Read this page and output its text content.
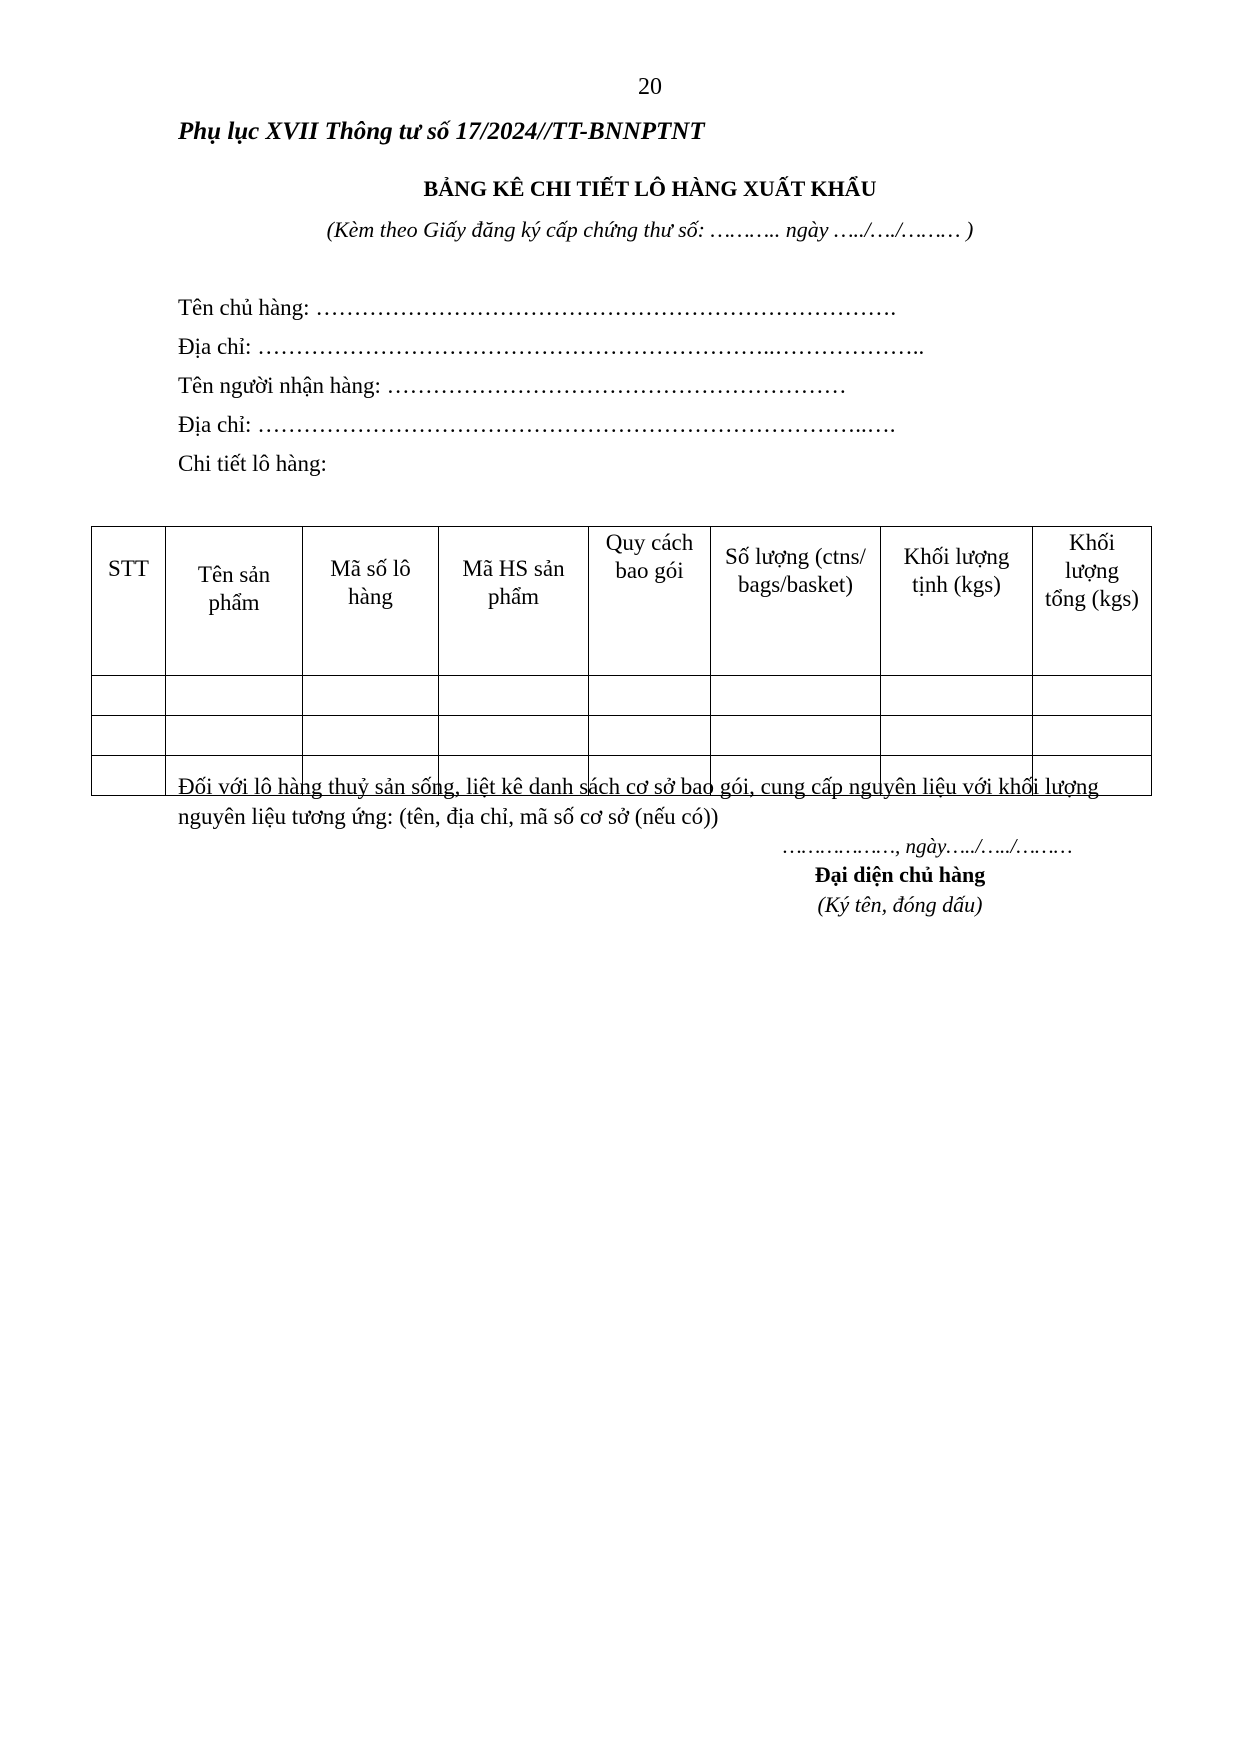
20
Phụ lục XVII Thông tư số 17/2024//TT-BNNPTNT
BẢNG KÊ CHI TIẾT LÔ HÀNG XUẤT KHẨU
(Kèm theo Giấy đăng ký cấp chứng thư số: ……….. ngày …../…./……… )
Tên chủ hàng: ………………………………………………………………….
Địa chỉ: …………………………………………………………..………………..
Tên người nhận hàng: ……………………………………………………
Địa chỉ: ……………………………………………………………………..….
Chi tiết lô hàng:
STT	Tên sản phẩm	Mã số lô hàng	Mã HS sản phẩm	Quy cách bao gói	Số lượng (ctns/bags/basket)	Khối lượng tịnh (kgs)	Khối lượng tổng (kgs)

Đối với lô hàng thuỷ sản sống, liệt kê danh sách cơ sở bao gói, cung cấp nguyên liệu với khối lượng nguyên liệu tương ứng: (tên, địa chỉ, mã số cơ sở (nếu có))
………………, ngày…../…../………
Đại diện chủ hàng
(Ký tên, đóng dấu)
